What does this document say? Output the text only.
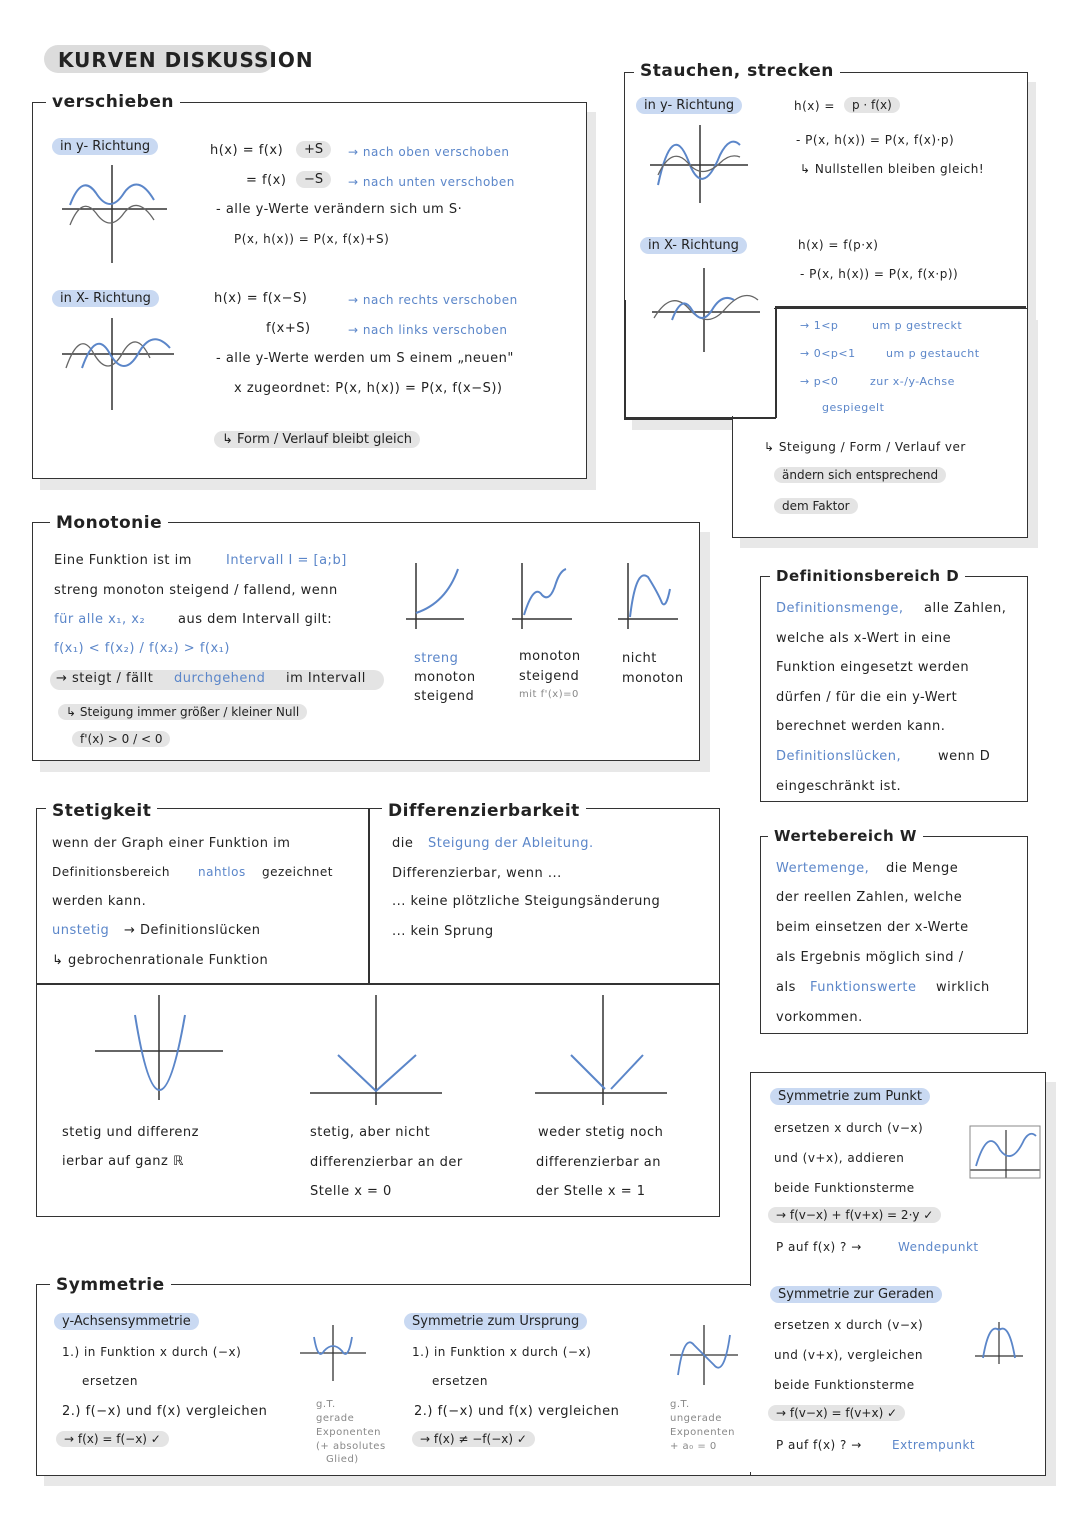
KURVEN DISKUSSION
verschieben
in y- Richtung	h(x) = f(x)	+S	→ nach oben verschoben
= f(x)	−S	→ nach unten verschoben
- alle y-Werte verändern sich um S·
P(x, h(x)) = P(x, f(x)+S)
in X- Richtung	h(x) = f(x−S)	→ nach rechts verschoben
f(x+S)	→ nach links verschoben
- alle y-Werte werden um S einem „neuen"
x zugeordnet: P(x, h(x)) = P(x, f(x−S))
↳ Form / Verlauf bleibt gleich
Stauchen, strecken
in y- Richtung	h(x) =	p · f(x)
- P(x, h(x)) = P(x, f(x)·p)
↳ Nullstellen bleiben gleich!
in X- Richtung	h(x) = f(p·x)
- P(x, h(x)) = P(x, f(x·p))
→ 1<p	um p gestreckt
→ 0<p<1	um p gestaucht
→ p<0	zur x-/y-Achse
gespiegelt
↳ Steigung / Form / Verlauf ver
ändern sich entsprechend
dem Faktor
Monotonie
Eine Funktion ist im	Intervall I = [a;b]
streng monoton steigend / fallend, wenn
für alle x₁, x₂	aus dem Intervall gilt:
f(x₁) < f(x₂) / f(x₂) > f(x₁)
→ steigt / fällt durchgehend im Intervall
↳ Steigung immer größer / kleiner Null
f'(x) > 0 / < 0
streng
monoton
steigend
monoton
steigend
mit f'(x)=0
nicht
monoton
Definitionsbereich D
Definitionsmenge, alle Zahlen,
welche als x-Wert in eine
Funktion eingesetzt werden
dürfen / für die ein y-Wert
berechnet werden kann.
Definitionslücken,	wenn D
eingeschränkt ist.
Stetigkeit
wenn der Graph einer Funktion im
Definitionsbereich nahtlos gezeichnet
werden kann.
unstetig → Definitionslücken
↳ gebrochenrationale Funktion
Differenzierbarkeit
die Steigung der Ableitung.
Differenzierbar, wenn ...
... keine plötzliche Steigungsänderung
... kein Sprung
stetig und differenz
ierbar auf ganz ℝ
stetig, aber nicht
differenzierbar an der
Stelle x = 0
weder stetig noch
differenzierbar an
der Stelle x = 1
Wertebereich W
Wertemenge, die Menge
der reellen Zahlen, welche
beim einsetzen der x-Werte
als Ergebnis möglich sind /
als Funktionswerte wirklich
vorkommen.
Symmetrie
Symmetrie zum Punkt
ersetzen x durch (v−x)
und (v+x), addieren
beide Funktionsterme
→ f(v−x) + f(v+x) = 2·y ✓
P auf f(x) ? →	Wendepunkt
Symmetrie zur Geraden
ersetzen x durch (v−x)
und (v+x), vergleichen
beide Funktionsterme
→ f(v−x) = f(v+x) ✓
P auf f(x) ? →	Extrempunkt
y-Achsensymmetrie
1.) in Funktion x durch (−x)
ersetzen
2.) f(−x) und f(x) vergleichen
→ f(x) = f(−x) ✓
g.T.
gerade
Exponenten
(+ absolutes
Glied)
Symmetrie zum Ursprung
1.) in Funktion x durch (−x)
ersetzen
2.) f(−x) und f(x) vergleichen
→ f(x) ≠ −f(−x) ✓
g.T.
ungerade
Exponenten
+ a₀ = 0
